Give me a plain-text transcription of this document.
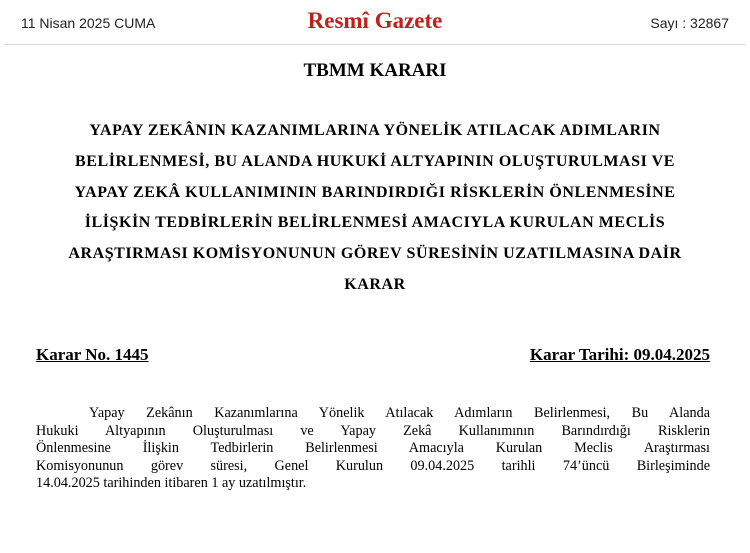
11 Nisan 2025 CUMA	Resmî Gazete	Sayı : 32867
TBMM KARARI
YAPAY ZEKÂNIN KAZANIMLARINA YÖNELİK ATILACAK ADIMLARIN
BELİRLENMESİ, BU ALANDA HUKUKİ ALTYAPININ OLUŞTURULMASI VE
YAPAY ZEKÂ KULLANIMININ BARINDIRDIĞI RİSKLERİN ÖNLENMESİNE
İLİŞKİN TEDBİRLERİN BELİRLENMESİ AMACIYLA KURULAN MECLİS
ARAŞTIRMASI KOMİSYONUNUN GÖREV SÜRESİNİN UZATILMASINA DAİR
KARAR
Karar No. 1445	Karar Tarihi: 09.04.2025
Yapay Zekânın Kazanımlarına Yönelik Atılacak Adımların Belirlenmesi, Bu Alanda
Hukuki Altyapının Oluşturulması ve Yapay Zekâ Kullanımının Barındırdığı Risklerin
Önlenmesine İlişkin Tedbirlerin Belirlenmesi Amacıyla Kurulan Meclis Araştırması
Komisyonunun görev süresi, Genel Kurulun 09.04.2025 tarihli 74’üncü Birleşiminde
14.04.2025 tarihinden itibaren 1 ay uzatılmıştır.
